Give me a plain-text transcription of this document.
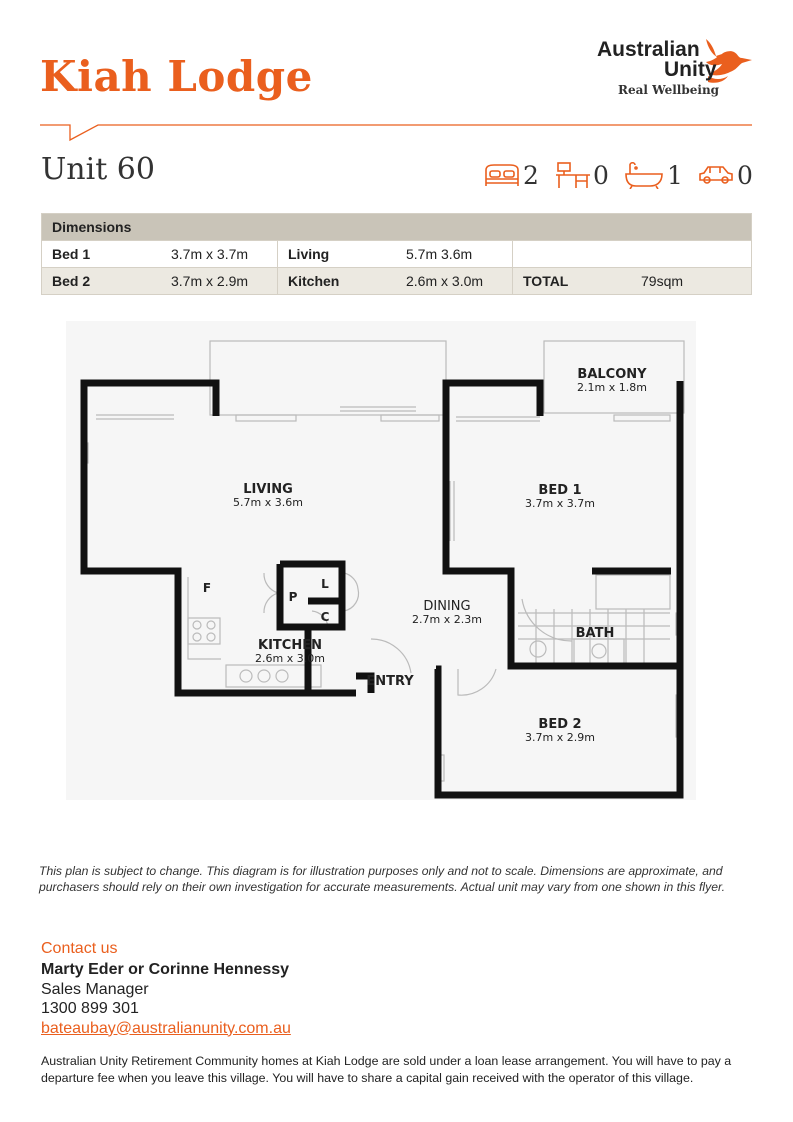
Kiah Lodge
Australian
Unity
Real Wellbeing
Unit 60	2 0 1 0
Dimensions					
Bed 1	3.7m x 3.7m	Living	5.7m 3.6m		
Bed 2	3.7m x 2.9m	Kitchen	2.6m x 3.0m	TOTAL	79sqm
BALCONY
2.1m x 1.8m
LIVING
5.7m x 3.6m
BED 1
3.7m x 3.7m
DINING
2.7m x 2.3m
KITCHEN
2.6m x 3.0m
BATH
BED 2
3.7m x 2.9m
ENTRY
F
P
L
C
This plan is subject to change. This diagram is for illustration purposes only and not to scale. Dimensions are approximate, and purchasers should rely on their own investigation for accurate measurements. Actual unit may vary from one shown in this flyer.
Contact us
Marty Eder or Corinne Hennessy
Sales Manager
1300 899 301
bateaubay@australianunity.com.au
Australian Unity Retirement Community homes at Kiah Lodge are sold under a loan lease arrangement. You will have to pay a departure fee when you leave this village. You will have to share a capital gain received with the operator of this village.
